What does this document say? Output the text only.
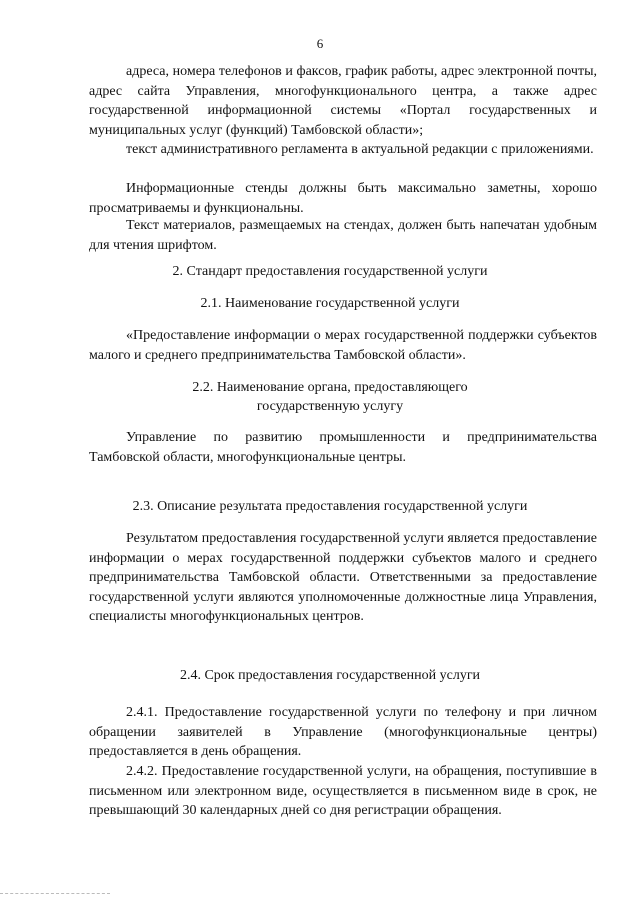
6
адреса, номера телефонов и факсов, график работы, адрес электронной почты, адрес сайта Управления, многофункционального центра, а также адрес государственной информационной системы «Портал государственных и муниципальных услуг (функций) Тамбовской области»;
текст административного регламента в актуальной редакции с приложениями.
Информационные стенды должны быть максимально заметны, хорошо просматриваемы и функциональны.
Текст материалов, размещаемых на стендах, должен быть напечатан удобным для чтения шрифтом.
2. Стандарт предоставления государственной услуги
2.1. Наименование государственной услуги
«Предоставление информации о мерах государственной поддержки субъектов малого и среднего предпринимательства Тамбовской области».
2.2. Наименование органа, предоставляющего
государственную услугу
Управление по развитию промышленности и предпринимательства Тамбовской области, многофункциональные центры.
2.3. Описание результата предоставления государственной услуги
Результатом предоставления государственной услуги является предоставление информации о мерах государственной поддержки субъектов малого и среднего предпринимательства Тамбовской области. Ответственными за предоставление государственной услуги являются уполномоченные должностные лица Управления, специалисты многофункциональных центров.
2.4. Срок предоставления государственной услуги
2.4.1. Предоставление государственной услуги по телефону и при личном обращении заявителей в Управление (многофункциональные центры) предоставляется в день обращения.
2.4.2. Предоставление государственной услуги, на обращения, поступившие в письменном или электронном виде, осуществляется в письменном виде в срок, не превышающий 30 календарных дней со дня регистрации обращения.
